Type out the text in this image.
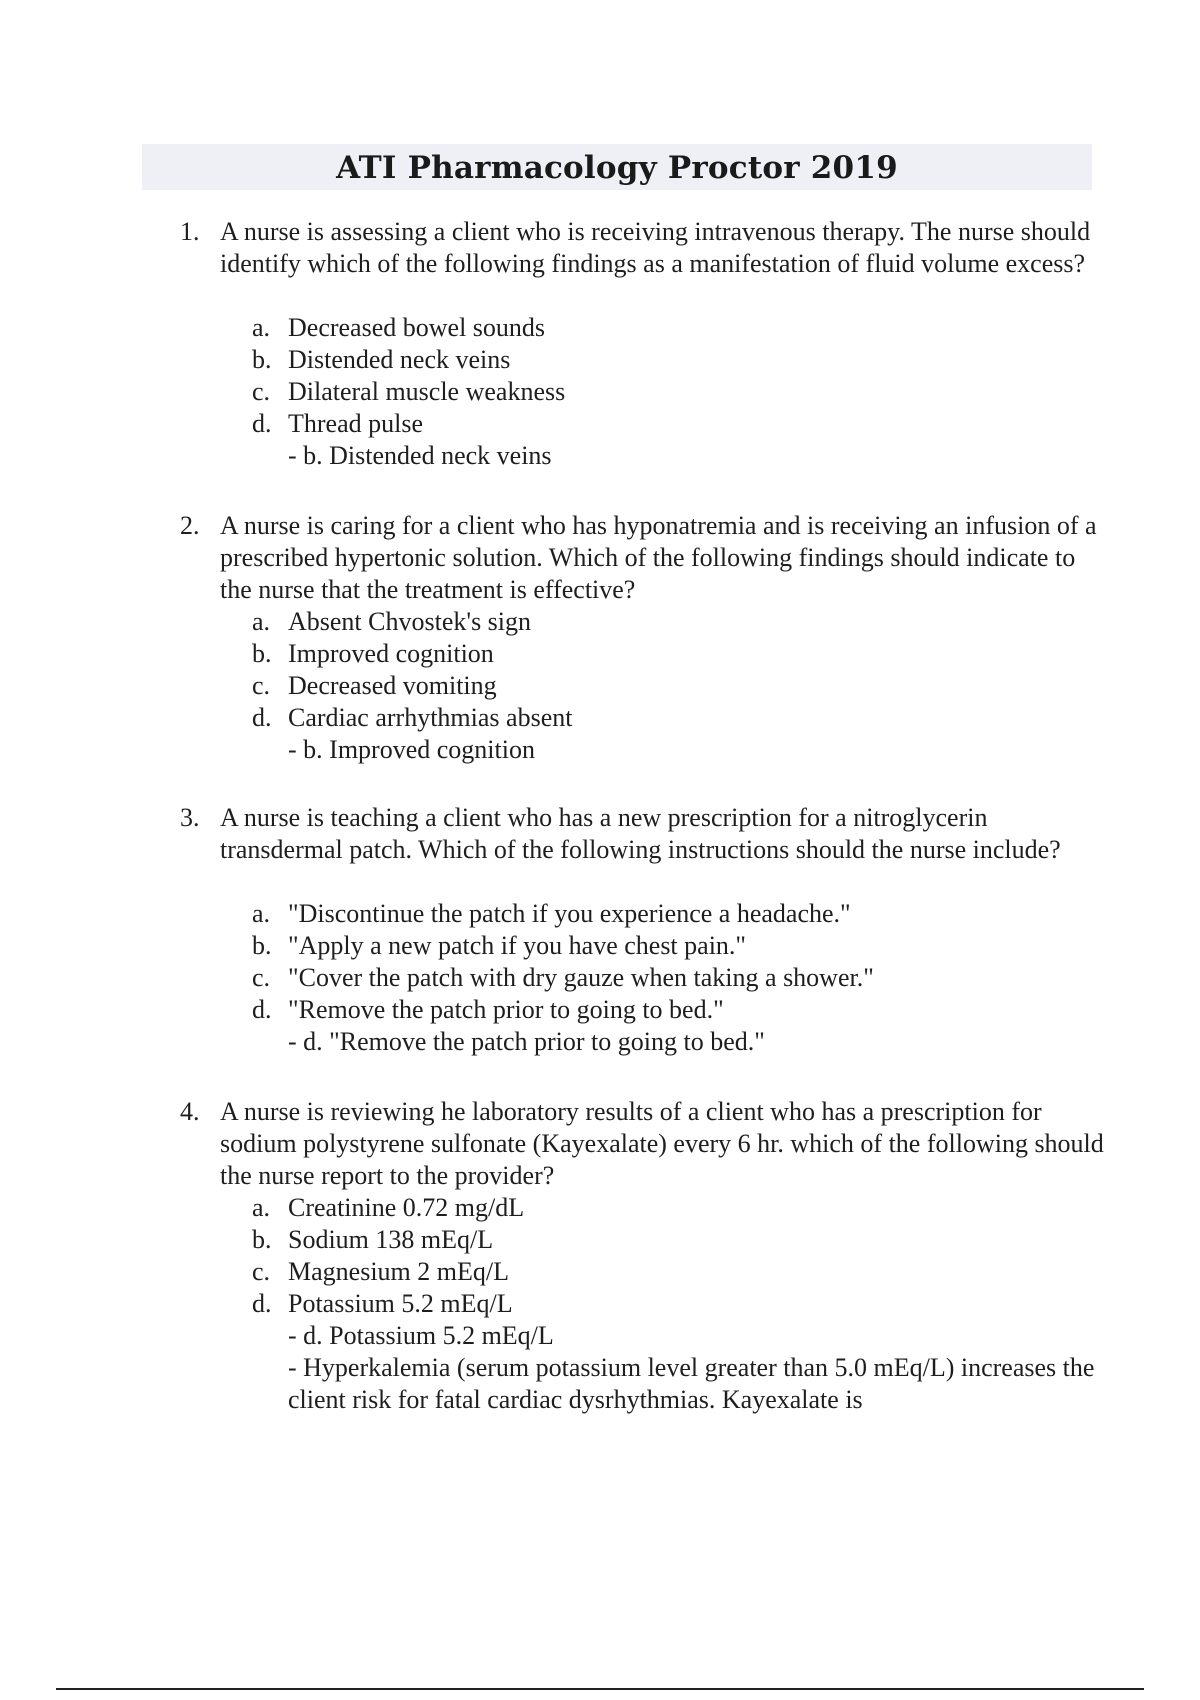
ATI Pharmacology Proctor 2019
1. A nurse is assessing a client who is receiving intravenous therapy. The nurse should identify which of the following findings as a manifestation of fluid volume excess?
a. Decreased bowel sounds
b. Distended neck veins
c. Dilateral muscle weakness
d. Thread pulse
- b. Distended neck veins
2. A nurse is caring for a client who has hyponatremia and is receiving an infusion of a prescribed hypertonic solution. Which of the following findings should indicate to the nurse that the treatment is effective?
a. Absent Chvostek's sign
b. Improved cognition
c. Decreased vomiting
d. Cardiac arrhythmias absent
- b. Improved cognition
3. A nurse is teaching a client who has a new prescription for a nitroglycerin transdermal patch. Which of the following instructions should the nurse include?
a. "Discontinue the patch if you experience a headache."
b. "Apply a new patch if you have chest pain."
c. "Cover the patch with dry gauze when taking a shower."
d. "Remove the patch prior to going to bed."
- d. "Remove the patch prior to going to bed."
4. A nurse is reviewing he laboratory results of a client who has a prescription for sodium polystyrene sulfonate (Kayexalate) every 6 hr. which of the following should the nurse report to the provider?
a. Creatinine 0.72 mg/dL
b. Sodium 138 mEq/L
c. Magnesium 2 mEq/L
d. Potassium 5.2 mEq/L
- d. Potassium 5.2 mEq/L
- Hyperkalemia (serum potassium level greater than 5.0 mEq/L) increases the client risk for fatal cardiac dysrhythmias. Kayexalate is
